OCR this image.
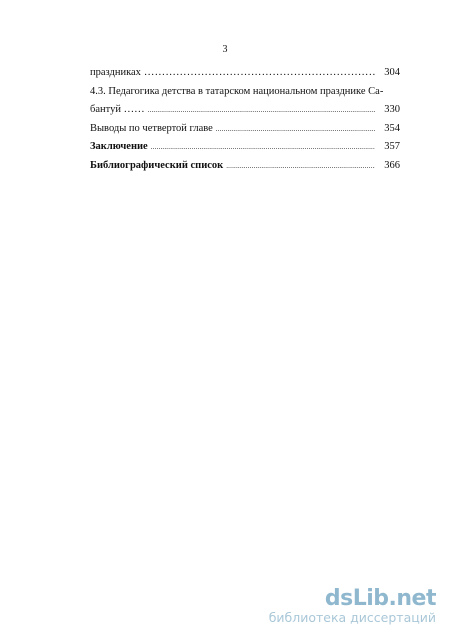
3
праздниках …………………………………………………………………………………………………………………………………………………	304
4.3. Педагогика детства в татарском национальном празднике Са-
бантуй …… .....	330
Выводы по четвертой главе .....	354
Заключение .....	357
Библиографический список .....	366
dsLib.net
библиотека диссертаций
